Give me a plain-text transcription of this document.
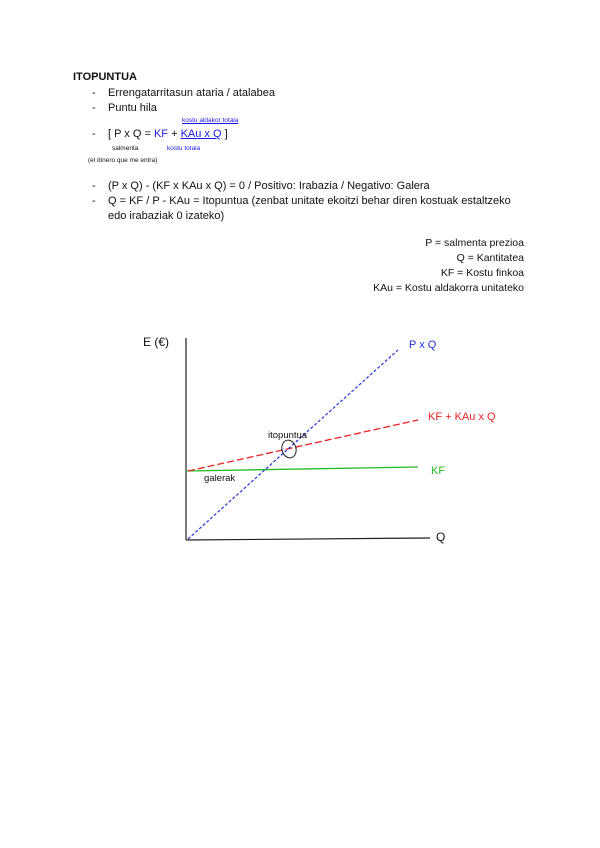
ITOPUNTUA
- Errengatarritasun ataria / atalabea
- Puntu hila
kostu aldakor totala
- [ P x Q = KF + KAu x Q ]
salmenta	kostu totala
(el dinero que me entra)
- (P x Q) - (KF x KAu x Q) = 0 / Positivo: Irabazia / Negativo: Galera
- Q = KF / P - KAu = Itopuntua (zenbat unitate ekoitzi behar diren kostuak estaltzeko
edo irabaziak 0 izateko)
P = salmenta prezioa
Q = Kantitatea
KF = Kostu finkoa
KAu = Kostu aldakorra unitateko
E (€)
Q
KF
KF + KAu x Q
P x Q
itopuntua
galerak
